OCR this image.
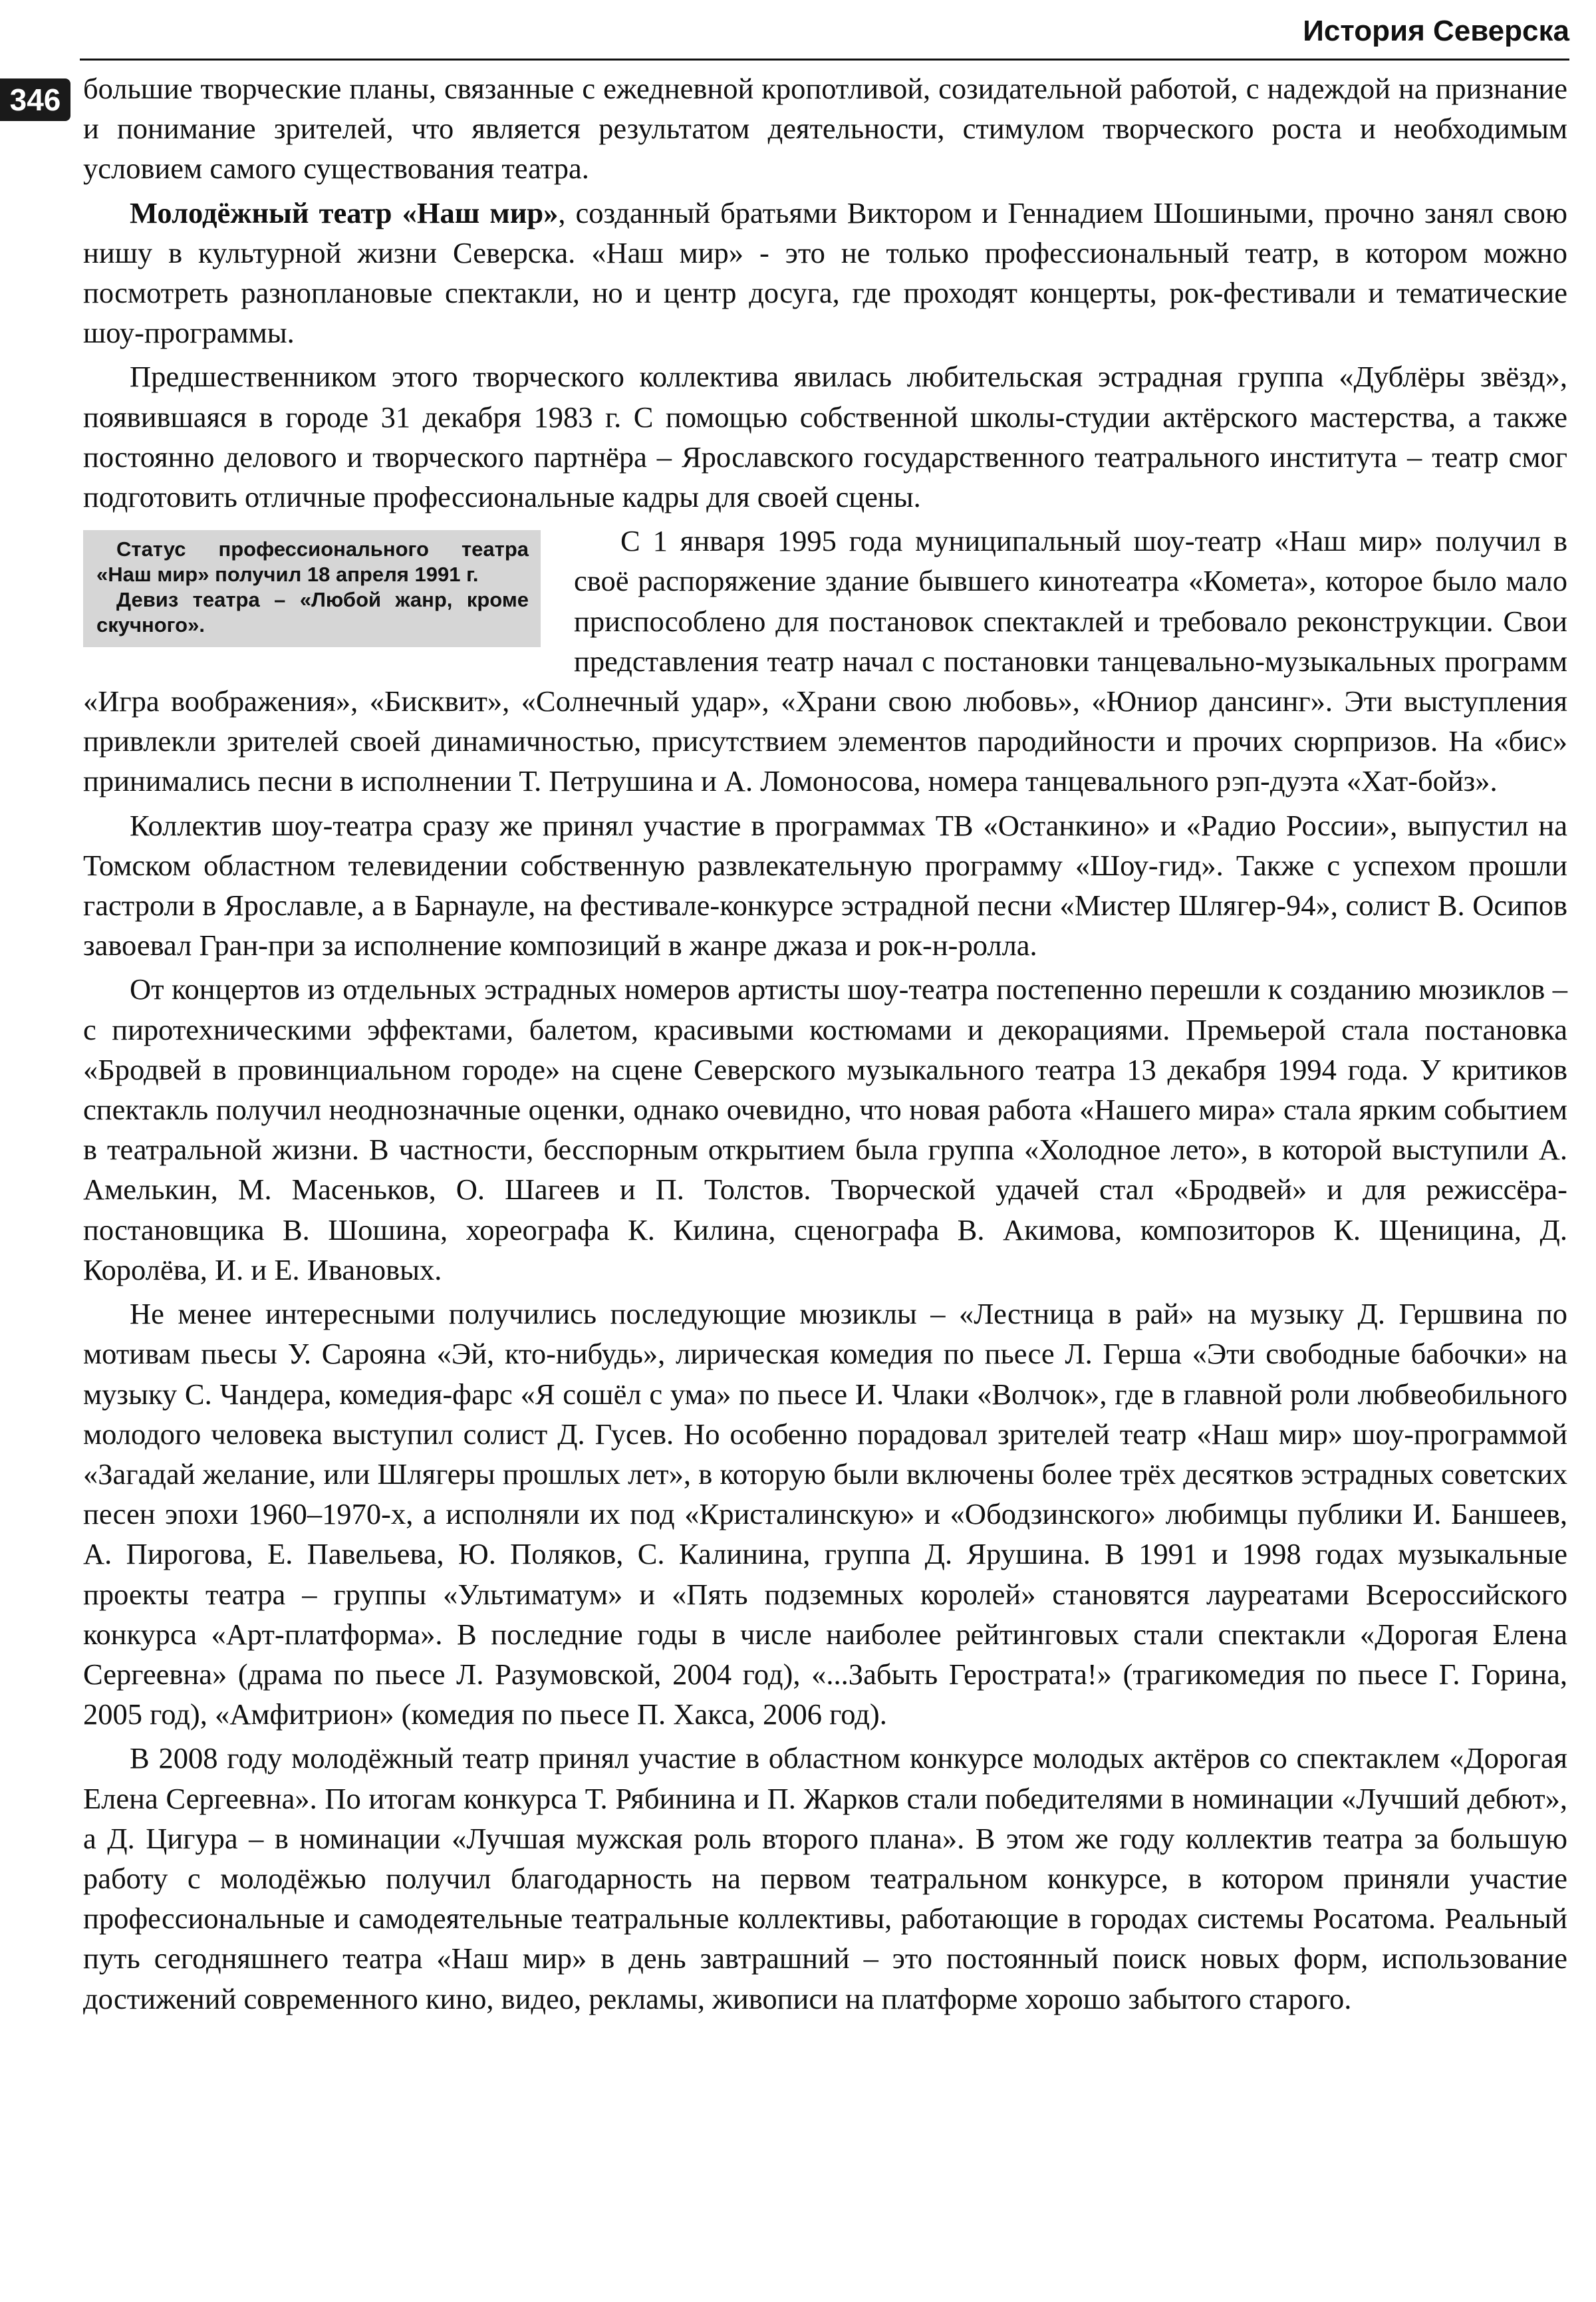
История Северска
346 большие творческие планы, связанные с ежедневной кропотливой, созидательной работой, с надеждой на признание и понимание зрителей, что является результатом деятельности, стимулом творческого роста и необходимым условием самого существования театра.

Молодёжный театр «Наш мир», созданный братьями Виктором и Геннадием Шошиными, прочно занял свою нишу в культурной жизни Северска. «Наш мир» - это не только профессиональный театр, в котором можно посмотреть разноплановые спектакли, но и центр досуга, где проходят концерты, рок-фестивали и тематические шоу-программы.

Предшественником этого творческого коллектива явилась любительская эстрадная группа «Дублёры звёзд», появившаяся в городе 31 декабря 1983 г. С помощью собственной школы-студии актёрского мастерства, а также постоянно делового и творческого партнёра – Ярославского государственного театрального института – театр смог подготовить отличные профессиональные кадры для своей сцены.

Статус профессионального театра «Наш мир» получил 18 апреля 1991 г.
Девиз театра – «Любой жанр, кроме скучного».
С 1 января 1995 года муниципальный шоу-театр «Наш мир» получил в своё распоряжение здание бывшего кинотеатра «Комета», которое было мало приспособлено для постановок спектаклей и требовало реконструкции. Свои представления театр начал с постановки танцевально-музыкальных программ «Игра воображения», «Бисквит», «Солнечный удар», «Храни свою любовь», «Юниор дансинг». Эти выступления привлекли зрителей своей динамичностью, присутствием элементов пародийности и прочих сюрпризов. На «бис» принимались песни в исполнении Т. Петрушина и А. Ломоносова, номера танцевального рэп-дуэта «Хат-бойз».

Коллектив шоу-театра сразу же принял участие в программах ТВ «Останкино» и «Радио России», выпустил на Томском областном телевидении собственную развлекательную программу «Шоу-гид». Также с успехом прошли гастроли в Ярославле, а в Барнауле, на фестивале-конкурсе эстрадной песни «Мистер Шлягер-94», солист В. Осипов завоевал Гран-при за исполнение композиций в жанре джаза и рок-н-ролла.

От концертов из отдельных эстрадных номеров артисты шоу-театра постепенно перешли к созданию мюзиклов – с пиротехническими эффектами, балетом, красивыми костюмами и декорациями. Премьерой стала постановка «Бродвей в провинциальном городе» на сцене Северского музыкального театра 13 декабря 1994 года. У критиков спектакль получил неоднозначные оценки, однако очевидно, что новая работа «Нашего мира» стала ярким событием в театральной жизни. В частности, бесспорным открытием была группа «Холодное лето», в которой выступили А. Амелькин, М. Масеньков, О. Шагеев и П. Толстов. Творческой удачей стал «Бродвей» и для режиссёра-постановщика В. Шошина, хореографа К. Килина, сценографа В. Акимова, композиторов К. Щеницина, Д. Королёва, И. и Е. Ивановых.

Не менее интересными получились последующие мюзиклы – «Лестница в рай» на музыку Д. Гершвина по мотивам пьесы У. Сарояна «Эй, кто-нибудь», лирическая комедия по пьесе Л. Герша «Эти свободные бабочки» на музыку С. Чандера, комедия-фарс «Я сошёл с ума» по пьесе И. Члаки «Волчок», где в главной роли любвеобильного молодого человека выступил солист Д. Гусев. Но особенно порадовал зрителей театр «Наш мир» шоу-программой «Загадай желание, или Шлягеры прошлых лет», в которую были включены более трёх десятков эстрадных советских песен эпохи 1960–1970-х, а исполняли их под «Кристалинскую» и «Ободзинского» любимцы публики И. Баншеев, А. Пирогова, Е. Павельева, Ю. Поляков, С. Калинина, группа Д. Ярушина. В 1991 и 1998 годах музыкальные проекты театра – группы «Ультиматум» и «Пять подземных королей» становятся лауреатами Всероссийского конкурса «Арт-платформа». В последние годы в числе наиболее рейтинговых стали спектакли «Дорогая Елена Сергеевна» (драма по пьесе Л. Разумовской, 2004 год), «...Забыть Герострата!» (трагикомедия по пьесе Г. Горина, 2005 год), «Амфитрион» (комедия по пьесе П. Хакса, 2006 год).

В 2008 году молодёжный театр принял участие в областном конкурсе молодых актёров со спектаклем «Дорогая Елена Сергеевна». По итогам конкурса Т. Рябинина и П. Жарков стали победителями в номинации «Лучший дебют», а Д. Цигура – в номинации «Лучшая мужская роль второго плана». В этом же году коллектив театра за большую работу с молодёжью получил благодарность на первом театральном конкурсе, в котором приняли участие профессиональные и самодеятельные театральные коллективы, работающие в городах системы Росатома. Реальный путь сегодняшнего театра «Наш мир» в день завтрашний – это постоянный поиск новых форм, использование достижений современного кино, видео, рекламы, живописи на платформе хорошо забытого старого.
